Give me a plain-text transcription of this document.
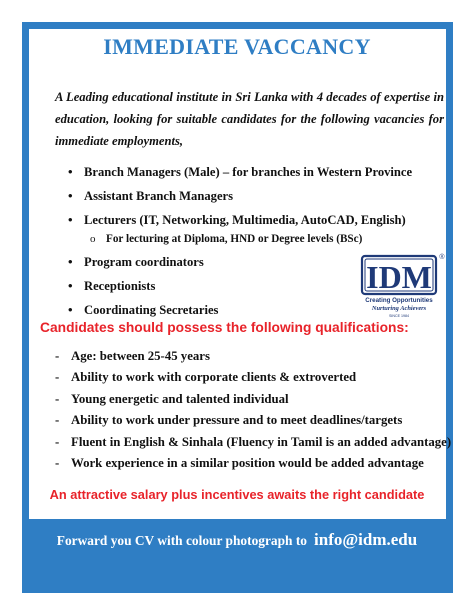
IMMEDIATE VACCANCY

A Leading educational institute in Sri Lanka with 4 decades of expertise in education, looking for suitable candidates for the following vacancies for immediate employments,

• Branch Managers (Male) – for branches in Western Province
• Assistant Branch Managers
• Lecturers (IT, Networking, Multimedia, AutoCAD, English)
o For lecturing at Diploma, HND or Degree levels (BSc)
• Program coordinators
• Receptionists
• Coordinating Secretaries
IDM
®
Creating Opportunities
Nurturing Achievers
SINCE 1984
Candidates should possess the following qualifications:
- Age: between 25-45 years
- Ability to work with corporate clients & extroverted
- Young energetic and talented individual
- Ability to work under pressure and to meet deadlines/targets
- Fluent in English & Sinhala (Fluency in Tamil is an added advantage)
- Work experience in a similar position would be added advantage
An attractive salary plus incentives awaits the right candidate
Forward you CV with colour photograph to info@idm.edu
